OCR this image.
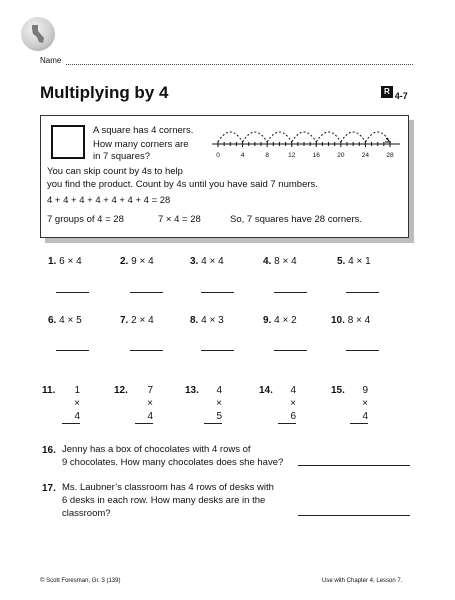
Name
Multiplying by 4	R 4-7
A square has 4 corners.
How many corners are
in 7 squares?	0	4	8	12	16	20	24	28
You can skip count by 4s to help
you find the product. Count by 4s until you have said 7 numbers.
4 + 4 + 4 + 4 + 4 + 4 + 4 = 28
7 groups of 4 = 28	7 × 4 = 28	So, 7 squares have 28 corners.
1. 6 × 4	2. 9 × 4	3. 4 × 4	4. 8 × 4	5. 4 × 1
6. 4 × 5	7. 2 × 4	8. 4 × 3	9. 4 × 2	10. 8 × 4
11.	1
× 4
12.	7
× 4
13.	4
× 5
14.	4
× 6
15.	9
× 4
16. Jenny has a box of chocolates with 4 rows of
9 chocolates. How many chocolates does she have?
17. Ms. Laubner’s classroom has 4 rows of desks with
6 desks in each row. How many desks are in the
classroom?
© Scott Foresman, Gr. 3 (139)	Use with Chapter 4, Lesson 7.
